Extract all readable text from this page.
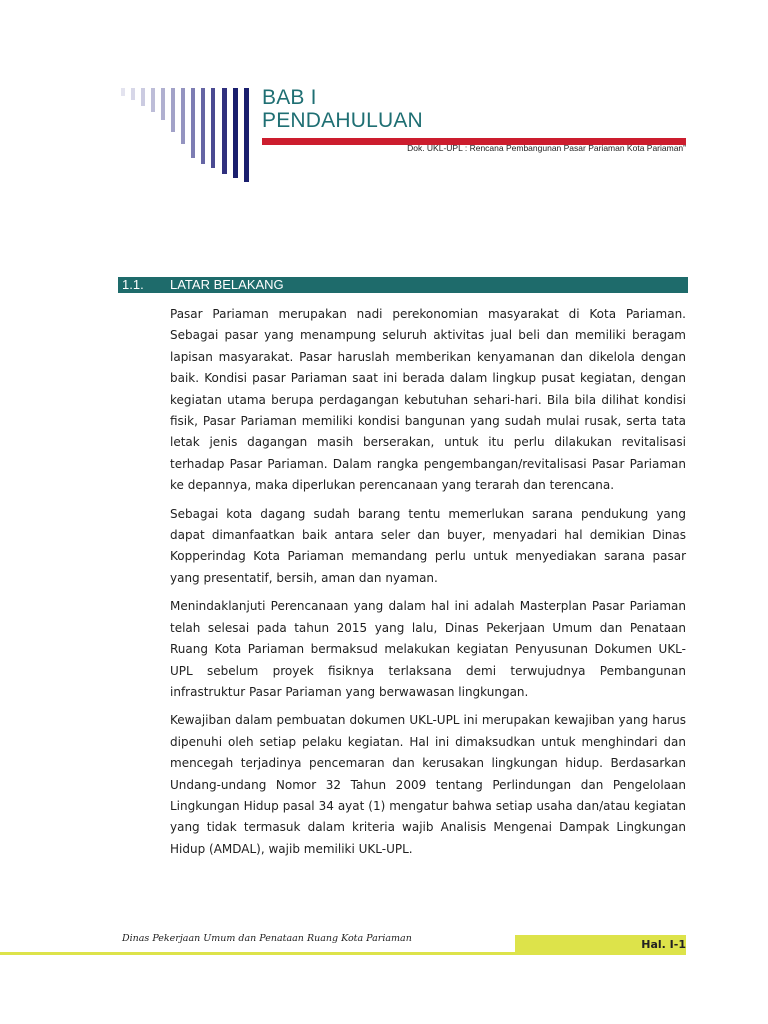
BAB I
PENDAHULUAN
Dok. UKL-UPL : Rencana Pembangunan Pasar Pariaman Kota Pariaman”
1.1. LATAR BELAKANG

Pasar Pariaman merupakan nadi perekonomian masyarakat di Kota Pariaman. Sebagai pasar yang menampung seluruh aktivitas jual beli dan memiliki beragam lapisan masyarakat. Pasar haruslah memberikan kenyamanan dan dikelola dengan baik. Kondisi pasar Pariaman saat ini berada dalam lingkup pusat kegiatan, dengan kegiatan utama berupa perdagangan kebutuhan sehari-hari. Bila bila dilihat kondisi fisik, Pasar Pariaman memiliki kondisi bangunan yang sudah mulai rusak, serta tata letak jenis dagangan masih berserakan, untuk itu perlu dilakukan revitalisasi terhadap Pasar Pariaman. Dalam rangka pengembangan/revitalisasi Pasar Pariaman ke depannya, maka diperlukan perencanaan yang terarah dan terencana.

Sebagai kota dagang sudah barang tentu memerlukan sarana pendukung yang dapat dimanfaatkan baik antara seler dan buyer, menyadari hal demikian Dinas Kopperindag Kota Pariaman memandang perlu untuk menyediakan sarana pasar yang presentatif, bersih, aman dan nyaman.

Menindaklanjuti Perencanaan yang dalam hal ini adalah Masterplan Pasar Pariaman telah selesai pada tahun 2015 yang lalu, Dinas Pekerjaan Umum dan Penataan Ruang Kota Pariaman bermaksud melakukan kegiatan Penyusunan Dokumen UKL-UPL sebelum proyek fisiknya terlaksana demi terwujudnya Pembangunan infrastruktur Pasar Pariaman yang berwawasan lingkungan.

Kewajiban dalam pembuatan dokumen UKL-UPL ini merupakan kewajiban yang harus dipenuhi oleh setiap pelaku kegiatan. Hal ini dimaksudkan untuk menghindari dan mencegah terjadinya pencemaran dan kerusakan lingkungan hidup. Berdasarkan Undang-undang Nomor 32 Tahun 2009 tentang Perlindungan dan Pengelolaan Lingkungan Hidup pasal 34 ayat (1) mengatur bahwa setiap usaha dan/atau kegiatan yang tidak termasuk dalam kriteria wajib Analisis Mengenai Dampak Lingkungan Hidup (AMDAL), wajib memiliki UKL-UPL.

Dinas Pekerjaan Umum dan Penataan Ruang Kota Pariaman	Hal. I-1
